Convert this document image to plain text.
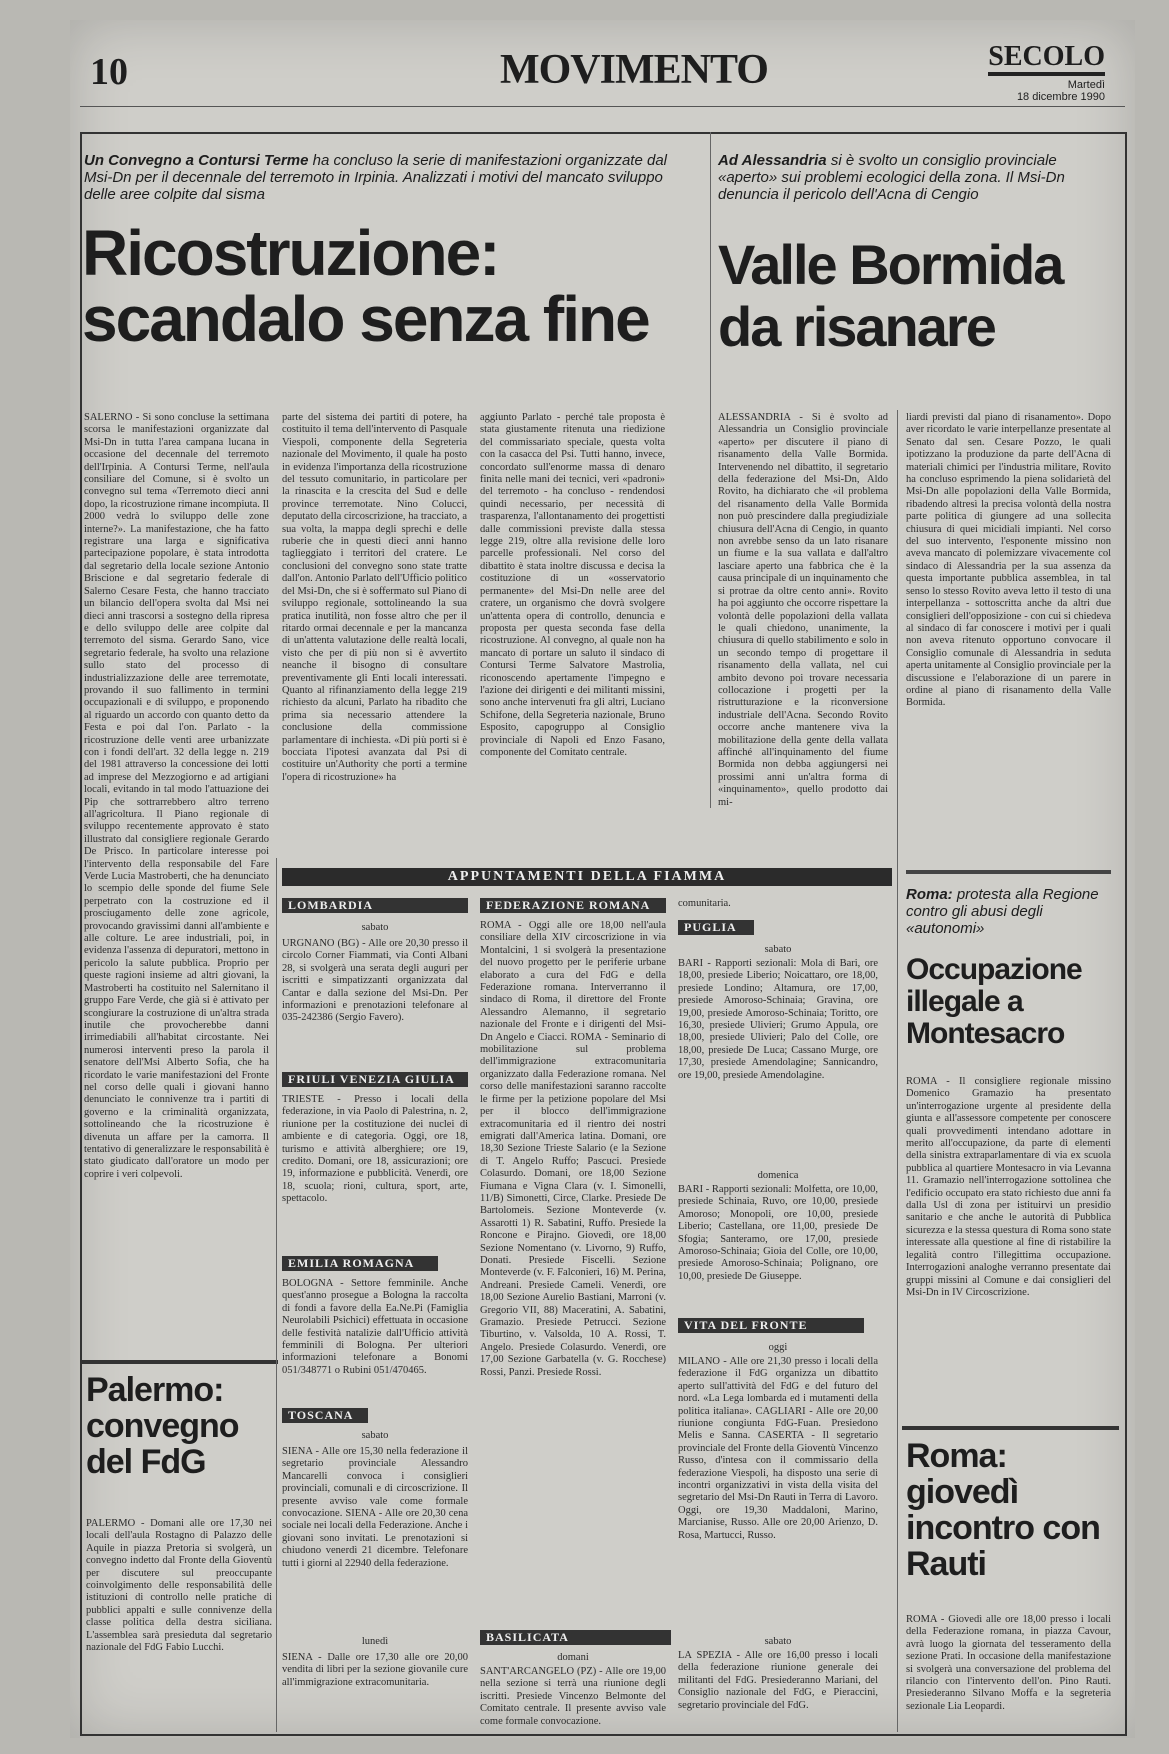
10	MOVIMENTO	SECOLO
Martedì
18 dicembre 1990
Un Convegno a Contursi Terme ha concluso la serie di manifestazioni organizzate dal Msi-Dn per il decennale del terremoto in Irpinia. Analizzati i motivi del mancato sviluppo delle aree colpite dal sisma
Ricostruzione:
scandalo senza fine
SALERNO - Si sono concluse la settimana scorsa le manifestazioni organizzate dal Msi-Dn in tutta l'area campana lucana in occasione del decennale del terremoto dell'Irpinia. A Contursi Terme, nell'aula consiliare del Comune, si è svolto un convegno sul tema «Terremoto dieci anni dopo, la ricostruzione rimane incompiuta. Il 2000 vedrà lo sviluppo delle zone interne?». La manifestazione, che ha fatto registrare una larga e significativa partecipazione popolare, è stata introdotta dal segretario della locale sezione Antonio Briscione e dal segretario federale di Salerno Cesare Festa, che hanno tracciato un bilancio dell'opera svolta dal Msi nei dieci anni trascorsi a sostegno della ripresa e dello sviluppo delle aree colpite dal terremoto del sisma. Gerardo Sano, vice segretario federale, ha svolto una relazione sullo stato del processo di industrializzazione delle aree terremotate, provando il suo fallimento in termini occupazionali e di sviluppo, e proponendo al riguardo un accordo con quanto detto da Festa e poi dal l'on. Parlato - la ricostruzione delle venti aree urbanizzate con i fondi dell'art. 32 della legge n. 219 del 1981 attraverso la concessione dei lotti ad imprese del Mezzogiorno e ad artigiani locali, evitando in tal modo l'attuazione dei Pip che sottrarrebbero altro terreno all'agricoltura. Il Piano regionale di sviluppo recentemente approvato è stato illustrato dal consigliere regionale Gerardo De Prisco. In particolare interesse poi l'intervento della responsabile del Fare Verde Lucia Mastroberti, che ha denunciato lo scempio delle sponde del fiume Sele perpetrato con la costruzione ed il prosciugamento delle zone agricole, provocando gravissimi danni all'ambiente e alle colture. Le aree industriali, poi, in evidenza l'assenza di depuratori, mettono in pericolo la salute pubblica. Proprio per queste ragioni insieme ad altri giovani, la Mastroberti ha costituito nel Salernitano il gruppo Fare Verde, che già si è attivato per scongiurare la costruzione di un'altra strada inutile che provocherebbe danni irrimediabili all'habitat circostante. Nei numerosi interventi preso la parola il senatore dell'Msi Alberto Sofia, che ha ricordato le varie manifestazioni del Fronte nel corso delle quali i giovani hanno denunciato le connivenze tra i partiti di governo e la criminalità organizzata, sottolineando che la ricostruzione è divenuta un affare per la camorra. Il tentativo di generalizzare le responsabilità è stato giudicato dall'oratore un modo per coprire i veri colpevoli.
parte del sistema dei partiti di potere, ha costituito il tema dell'intervento di Pasquale Viespoli, componente della Segreteria nazionale del Movimento, il quale ha posto in evidenza l'importanza della ricostruzione del tessuto comunitario, in particolare per la rinascita e la crescita del Sud e delle province terremotate. Nino Colucci, deputato della circoscrizione, ha tracciato, a sua volta, la mappa degli sprechi e delle ruberie che in questi dieci anni hanno taglieggiato i territori del cratere. Le conclusioni del convegno sono state tratte dall'on. Antonio Parlato dell'Ufficio politico del Msi-Dn, che si è soffermato sul Piano di sviluppo regionale, sottolineando la sua pratica inutilità, non fosse altro che per il ritardo ormai decennale e per la mancanza di un'attenta valutazione delle realtà locali, visto che per di più non si è avvertito neanche il bisogno di consultare preventivamente gli Enti locali interessati. Quanto al rifinanziamento della legge 219 richiesto da alcuni, Parlato ha ribadito che prima sia necessario attendere la conclusione della commissione parlamentare di inchiesta. «Di più porti si è bocciata l'ipotesi avanzata dal Psi di costituire un'Authority che porti a termine l'opera di ricostruzione» ha
aggiunto Parlato - perché tale proposta è stata giustamente ritenuta una riedizione del commissariato speciale, questa volta con la casacca del Psi. Tutti hanno, invece, concordato sull'enorme massa di denaro finita nelle mani dei tecnici, veri «padroni» del terremoto - ha concluso - rendendosi quindi necessario, per necessità di trasparenza, l'allontanamento dei progettisti dalle commissioni previste dalla stessa legge 219, oltre alla revisione delle loro parcelle professionali. Nel corso del dibattito è stata inoltre discussa e decisa la costituzione di un «osservatorio permanente» del Msi-Dn nelle aree del cratere, un organismo che dovrà svolgere un'attenta opera di controllo, denuncia e proposta per questa seconda fase della ricostruzione. Al convegno, al quale non ha mancato di portare un saluto il sindaco di Contursi Terme Salvatore Mastrolia, riconoscendo apertamente l'impegno e l'azione dei dirigenti e dei militanti missini, sono anche intervenuti fra gli altri, Luciano Schifone, della Segreteria nazionale, Bruno Esposito, capogruppo al Consiglio provinciale di Napoli ed Enzo Fasano, componente del Comitato centrale.
Ad Alessandria si è svolto un consiglio provinciale «aperto» sui problemi ecologici della zona. Il Msi-Dn denuncia il pericolo dell'Acna di Cengio
Valle Bormida
da risanare
ALESSANDRIA - Si è svolto ad Alessandria un Consiglio provinciale «aperto» per discutere il piano di risanamento della Valle Bormida. Intervenendo nel dibattito, il segretario della federazione del Msi-Dn, Aldo Rovito, ha dichiarato che «il problema del risanamento della Valle Bormida non può prescindere dalla pregiudiziale chiusura dell'Acna di Cengio, in quanto non avrebbe senso da un lato risanare un fiume e la sua vallata e dall'altro lasciare aperto una fabbrica che è la causa principale di un inquinamento che si protrae da oltre cento anni». Rovito ha poi aggiunto che occorre rispettare la volontà delle popolazioni della vallata le quali chiedono, unanimente, la chiusura di quello stabilimento e solo in un secondo tempo di progettare il risanamento della vallata, nel cui ambito devono poi trovare necessaria collocazione i progetti per la ristrutturazione e la riconversione industriale dell'Acna. Secondo Rovito occorre anche mantenere viva la mobilitazione della gente della vallata affinché all'inquinamento del fiume Bormida non debba aggiungersi nei prossimi anni un'altra forma di «inquinamento», quello prodotto dai mi-
liardi previsti dal piano di risanamento». Dopo aver ricordato le varie interpellanze presentate al Senato dal sen. Cesare Pozzo, le quali ipotizzano la produzione da parte dell'Acna di materiali chimici per l'industria militare, Rovito ha concluso esprimendo la piena solidarietà del Msi-Dn alle popolazioni della Valle Bormida, ribadendo altresì la precisa volontà della nostra parte politica di giungere ad una sollecita chiusura di quei micidiali impianti. Nel corso del suo intervento, l'esponente missino non aveva mancato di polemizzare vivacemente col sindaco di Alessandria per la sua assenza da questa importante pubblica assemblea, in tal senso lo stesso Rovito aveva letto il testo di una interpellanza - sottoscritta anche da altri due consiglieri dell'opposizione - con cui si chiedeva al sindaco di far conoscere i motivi per i quali non aveva ritenuto opportuno convocare il Consiglio comunale di Alessandria in seduta aperta unitamente al Consiglio provinciale per la discussione e l'elaborazione di un parere in ordine al piano di risanamento della Valle Bormida.
APPUNTAMENTI DELLA FIAMMA
LOMBARDIA
sabato
URGNANO (BG) - Alle ore 20,30 presso il circolo Corner Fiammati, via Conti Albani 28, si svolgerà una serata degli auguri per iscritti e simpatizzanti organizzata dal Cantar e dalla sezione del Msi-Dn. Per informazioni e prenotazioni telefonare al 035-242386 (Sergio Favero).
FRIULI VENEZIA GIULIA
TRIESTE - Presso i locali della federazione, in via Paolo di Palestrina, n. 2, riunione per la costituzione dei nuclei di ambiente e di categoria. Oggi, ore 18, turismo e attività alberghiere; ore 19, credito. Domani, ore 18, assicurazioni; ore 19, informazione e pubblicità. Venerdì, ore 18, scuola; rioni, cultura, sport, arte, spettacolo.
EMILIA ROMAGNA
BOLOGNA - Settore femminile. Anche quest'anno prosegue a Bologna la raccolta di fondi a favore della Ea.Ne.Pi (Famiglia Neurolabili Psichici) effettuata in occasione delle festività natalizie dall'Ufficio attività femminili di Bologna. Per ulteriori informazioni telefonare a Bonomi 051/348771 o Rubini 051/470465.
TOSCANA
sabato
SIENA - Alle ore 15,30 nella federazione il segretario provinciale Alessandro Mancarelli convoca i consiglieri provinciali, comunali e di circoscrizione. Il presente avviso vale come formale convocazione. SIENA - Alle ore 20,30 cena sociale nei locali della Federazione. Anche i giovani sono invitati. Le prenotazioni si chiudono venerdì 21 dicembre. Telefonare tutti i giorni al 22940 della federazione.
lunedì
SIENA - Dalle ore 17,30 alle ore 20,00 vendita di libri per la sezione giovanile cure all'immigrazione extracomunitaria.
FEDERAZIONE ROMANA
ROMA - Oggi alle ore 18,00 nell'aula consiliare della XIV circoscrizione in via Montalcini, 1 si svolgerà la presentazione del nuovo progetto per le periferie urbane elaborato a cura del FdG e della Federazione romana. Interverranno il sindaco di Roma, il direttore del Fronte Alessandro Alemanno, il segretario nazionale del Fronte e i dirigenti del Msi-Dn Angelo e Ciacci. ROMA - Seminario di mobilitazione sul problema dell'immigrazione extracomunitaria organizzato dalla Federazione romana. Nel corso delle manifestazioni saranno raccolte le firme per la petizione popolare del Msi per il blocco dell'immigrazione extracomunitaria ed il rientro dei nostri emigrati dall'America latina. Domani, ore 18,30 Sezione Trieste Salario (e la Sezione di T. Angelo Ruffo; Pascuci. Presiede Colasurdo. Domani, ore 18,00 Sezione Fiumana e Vigna Clara (v. I. Simonelli, 11/B) Simonetti, Circe, Clarke. Presiede De Bartolomeis. Sezione Monteverde (v. Assarotti 1) R. Sabatini, Ruffo. Presiede la Roncone e Pirajno. Giovedì, ore 18,00 Sezione Nomentano (v. Livorno, 9) Ruffo, Donati. Presiede Fiscelli. Sezione Monteverde (v. F. Falconieri, 16) M. Perina, Andreani. Presiede Cameli. Venerdì, ore 18,00 Sezione Aurelio Bastiani, Marroni (v. Gregorio VII, 88) Maceratini, A. Sabatini, Gramazio. Presiede Petrucci. Sezione Tiburtino, v. Valsolda, 10 A. Rossi, T. Angelo. Presiede Colasurdo. Venerdì, ore 17,00 Sezione Garbatella (v. G. Rocchese) Rossi, Panzi. Presiede Rossi.
BASILICATA
domani
SANT'ARCANGELO (PZ) - Alle ore 19,00 nella sezione si terrà una riunione degli iscritti. Presiede Vincenzo Belmonte del Comitato centrale. Il presente avviso vale come formale convocazione.
comunitaria.
PUGLIA
sabato
BARI - Rapporti sezionali: Mola di Bari, ore 18,00, presiede Liberio; Noicattaro, ore 18,00, presiede Londino; Altamura, ore 17,00, presiede Amoroso-Schinaia; Gravina, ore 19,00, presiede Amoroso-Schinaia; Toritto, ore 16,30, presiede Ulivieri; Grumo Appula, ore 18,00, presiede Ulivieri; Palo del Colle, ore 18,00, presiede De Luca; Cassano Murge, ore 17,30, presiede Amendolagine; Sannicandro, ore 19,00, presiede Amendolagine.
domenica
BARI - Rapporti sezionali: Molfetta, ore 10,00, presiede Schinaia, Ruvo, ore 10,00, presiede Amoroso; Monopoli, ore 10,00, presiede Liberio; Castellana, ore 11,00, presiede De Sfogia; Santeramo, ore 17,00, presiede Amoroso-Schinaia; Gioia del Colle, ore 10,00, presiede Amoroso-Schinaia; Polignano, ore 10,00, presiede De Giuseppe.
VITA DEL FRONTE
oggi
MILANO - Alle ore 21,30 presso i locali della federazione il FdG organizza un dibattito aperto sull'attività del FdG e del futuro del nord. «La Lega lombarda ed i mutamenti della politica italiana». CAGLIARI - Alle ore 20,00 riunione congiunta FdG-Fuan. Presiedono Melis e Sanna. CASERTA - Il segretario provinciale del Fronte della Gioventù Vincenzo Russo, d'intesa con il commissario della federazione Viespoli, ha disposto una serie di incontri organizzativi in vista della visita del segretario del Msi-Dn Rauti in Terra di Lavoro. Oggi, ore 19,30 Maddaloni, Marino, Marcianise, Russo. Alle ore 20,00 Arienzo, D. Rosa, Martucci, Russo.
sabato
LA SPEZIA - Alle ore 16,00 presso i locali della federazione riunione generale dei militanti del FdG. Presiederanno Mariani, del Consiglio nazionale del FdG, e Pieraccini, segretario provinciale del FdG.
Roma: protesta alla Regione contro gli abusi degli «autonomi»
Occupazione illegale a Montesacro
ROMA - Il consigliere regionale missino Domenico Gramazio ha presentato un'interrogazione urgente al presidente della giunta e all'assessore competente per conoscere quali provvedimenti intendano adottare in merito all'occupazione, da parte di elementi della sinistra extraparlamentare di via ex scuola pubblica al quartiere Montesacro in via Levanna 11. Gramazio nell'interrogazione sottolinea che l'edificio occupato era stato richiesto due anni fa dalla Usl di zona per istituirvi un presidio sanitario e che anche le autorità di Pubblica sicurezza e la stessa questura di Roma sono state interessate alla questione al fine di ristabilire la legalità contro l'illegittima occupazione. Interrogazioni analoghe verranno presentate dai gruppi missini al Comune e dai consiglieri del Msi-Dn in IV Circoscrizione.
Roma: giovedì incontro con Rauti
ROMA - Giovedì alle ore 18,00 presso i locali della Federazione romana, in piazza Cavour, avrà luogo la giornata del tesseramento della sezione Prati. In occasione della manifestazione si svolgerà una conversazione del problema del rilancio con l'intervento dell'on. Pino Rauti. Presiederanno Silvano Moffa e la segreteria sezionale Lia Leopardi.
Palermo: convegno del FdG
PALERMO - Domani alle ore 17,30 nei locali dell'aula Rostagno di Palazzo delle Aquile in piazza Pretoria si svolgerà, un convegno indetto dal Fronte della Gioventù per discutere sul preoccupante coinvolgimento delle responsabilità delle istituzioni di controllo nelle pratiche di pubblici appalti e sulle connivenze della classe politica della destra siciliana. L'assemblea sarà presieduta dal segretario nazionale del FdG Fabio Lucchi.
